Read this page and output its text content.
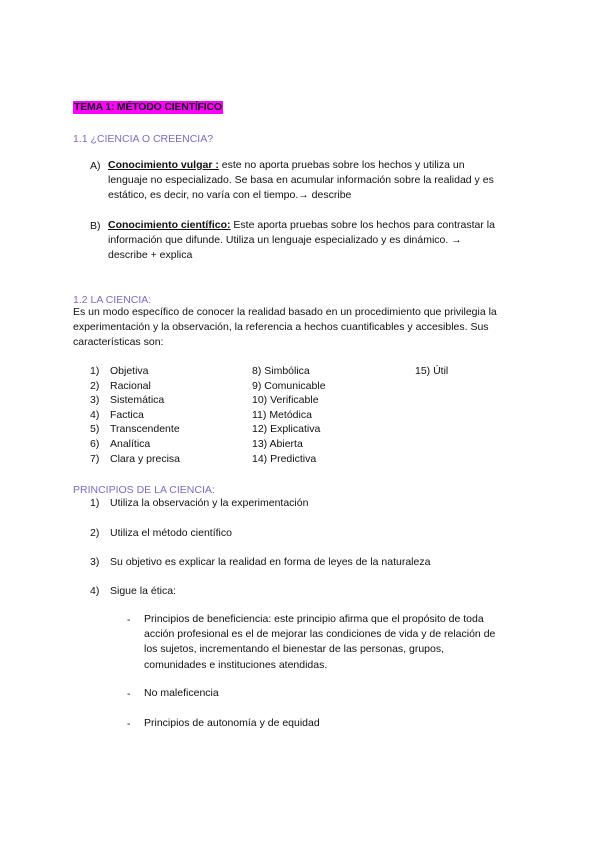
TEMA 1: MÉTODO CIENTÍFICO
1.1 ¿CIENCIA O CREENCIA?
A) Conocimiento vulgar : este no aporta pruebas sobre los hechos y utiliza un
lenguaje no especializado. Se basa en acumular información sobre la realidad y es
estático, es decir, no varía con el tiempo.→ describe
B) Conocimiento científico: Este aporta pruebas sobre los hechos para contrastar la
información que difunde. Utiliza un lenguaje especializado y es dinámico. →
describe + explica
1.2 LA CIENCIA:
Es un modo específico de conocer la realidad basado en un procedimiento que privilegia la
experimentación y la observación, la referencia a hechos cuantificables y accesibles. Sus
características son:
1) Objetiva
2) Racional
3) Sistemática
4) Factica
5) Transcendente
6) Analítica
7) Clara y precisa
8) Simbólica
9) Comunicable
10) Verificable
11) Metódica
12) Explicativa
13) Abierta
14) Predictiva
15) Útil
PRINCIPIOS DE LA CIENCIA:
1) Utiliza la observación y la experimentación
2) Utiliza el método científico
3) Su objetivo es explicar la realidad en forma de leyes de la naturaleza
4) Sigue la ética:
- Principios de beneficiencia: este principio afirma que el propósito de toda
acción profesional es el de mejorar las condiciones de vida y de relación de
los sujetos, incrementando el bienestar de las personas, grupos,
comunidades e instituciones atendidas.
- No maleficencia
- Principios de autonomía y de equidad
